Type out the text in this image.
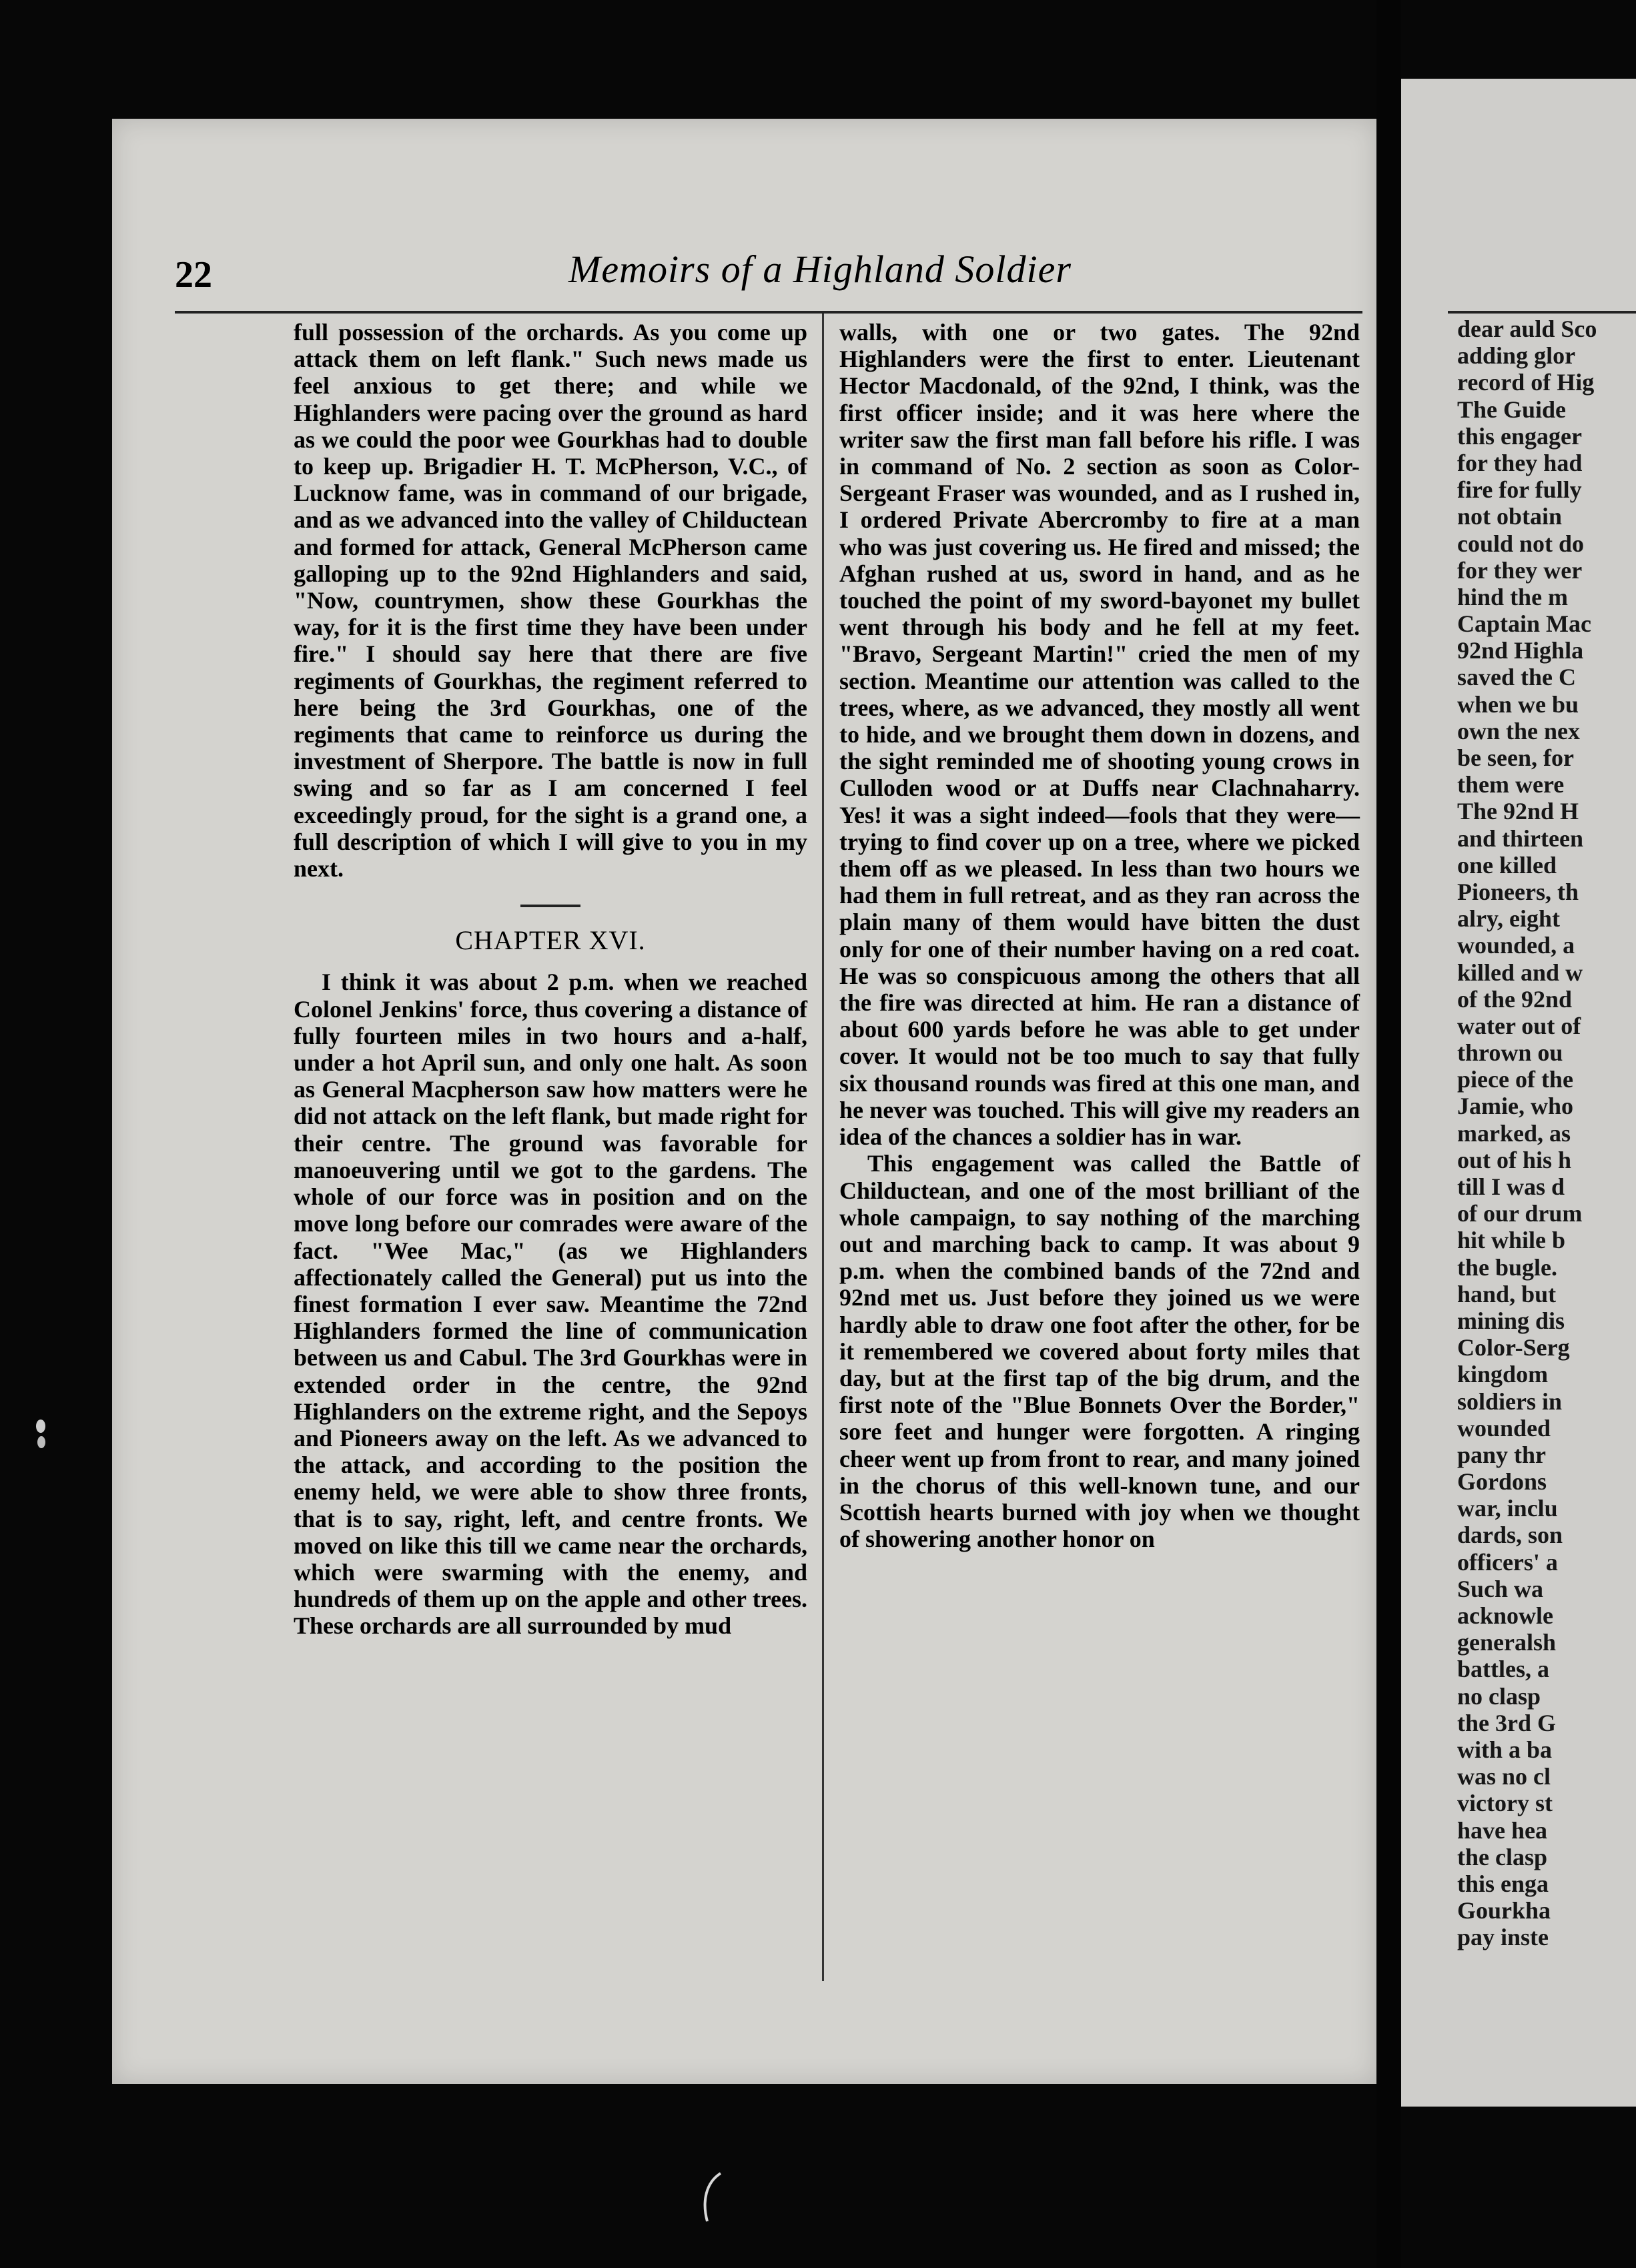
22	Memoirs of a Highland Soldier

full possession of the orchards. As you come up attack them on left flank." Such news made us feel anxious to get there; and while we Highlanders were pacing over the ground as hard as we could the poor wee Gourkhas had to double to keep up. Brigadier H. T. McPherson, V.C., of Lucknow fame, was in command of our brigade, and as we advanced into the valley of Chilductean and formed for attack, General McPherson came galloping up to the 92nd Highlanders and said, "Now, countrymen, show these Gourkhas the way, for it is the first time they have been under fire." I should say here that there are five regiments of Gourkhas, the regiment referred to here being the 3rd Gourkhas, one of the regiments that came to reinforce us during the investment of Sherpore. The battle is now in full swing and so far as I am concerned I feel exceedingly proud, for the sight is a grand one, a full description of which I will give to you in my next.

CHAPTER XVI.

I think it was about 2 p.m. when we reached Colonel Jenkins' force, thus covering a distance of fully fourteen miles in two hours and a-half, under a hot April sun, and only one halt. As soon as General Macpherson saw how matters were he did not attack on the left flank, but made right for their centre. The ground was favorable for manoeuvering until we got to the gardens. The whole of our force was in position and on the move long before our comrades were aware of the fact. "Wee Mac," (as we Highlanders affectionately called the General) put us into the finest formation I ever saw. Meantime the 72nd Highlanders formed the line of communication between us and Cabul. The 3rd Gourkhas were in extended order in the centre, the 92nd Highlanders on the extreme right, and the Sepoys and Pioneers away on the left. As we advanced to the attack, and according to the position the enemy held, we were able to show three fronts, that is to say, right, left, and centre fronts. We moved on like this till we came near the orchards, which were swarming with the enemy, and hundreds of them up on the apple and other trees. These orchards are all surrounded by mud

walls, with one or two gates. The 92nd Highlanders were the first to enter. Lieutenant Hector Macdonald, of the 92nd, I think, was the first officer inside; and it was here where the writer saw the first man fall before his rifle. I was in command of No. 2 section as soon as Color-Sergeant Fraser was wounded, and as I rushed in, I ordered Private Abercromby to fire at a man who was just covering us. He fired and missed; the Afghan rushed at us, sword in hand, and as he touched the point of my sword-bayonet my bullet went through his body and he fell at my feet. "Bravo, Sergeant Martin!" cried the men of my section. Meantime our attention was called to the trees, where, as we advanced, they mostly all went to hide, and we brought them down in dozens, and the sight reminded me of shooting young crows in Culloden wood or at Duffs near Clachnaharry. Yes! it was a sight indeed—fools that they were—trying to find cover up on a tree, where we picked them off as we pleased. In less than two hours we had them in full retreat, and as they ran across the plain many of them would have bitten the dust only for one of their number having on a red coat. He was so conspicuous among the others that all the fire was directed at him. He ran a distance of about 600 yards before he was able to get under cover. It would not be too much to say that fully six thousand rounds was fired at this one man, and he never was touched. This will give my readers an idea of the chances a soldier has in war.

This engagement was called the Battle of Chilductean, and one of the most brilliant of the whole campaign, to say nothing of the marching out and marching back to camp. It was about 9 p.m. when the combined bands of the 72nd and 92nd met us. Just before they joined us we were hardly able to draw one foot after the other, for be it remembered we covered about forty miles that day, but at the first tap of the big drum, and the first note of the "Blue Bonnets Over the Border," sore feet and hunger were forgotten. A ringing cheer went up from front to rear, and many joined in the chorus of this well-known tune, and our Scottish hearts burned with joy when we thought of showering another honor on

dear auld Sco
adding glor
record of Hig
The Guide
this engager
for they had
fire for fully
not obtain
could not do
for they wer
hind the m
Captain Mac
92nd Highla
saved the C
when we bu
own the nex
be seen, for
them were
The 92nd H
and thirteen
one killed
Pioneers, th
alry, eight
wounded, a
killed and w
of the 92nd
water out of
thrown ou
piece of the
Jamie, who
marked, as
out of his h
till I was d
of our drum
hit while b
the bugle.
hand, but
mining dis
Color-Serg
kingdom
soldiers in
wounded
pany thr
Gordons
war, inclu
dards, son
officers' a
Such wa
acknowle
generalsh
battles, a
no clasp
the 3rd G
with a ba
was no cl
victory st
have hea
the clasp
this enga
Gourkha
pay inste
